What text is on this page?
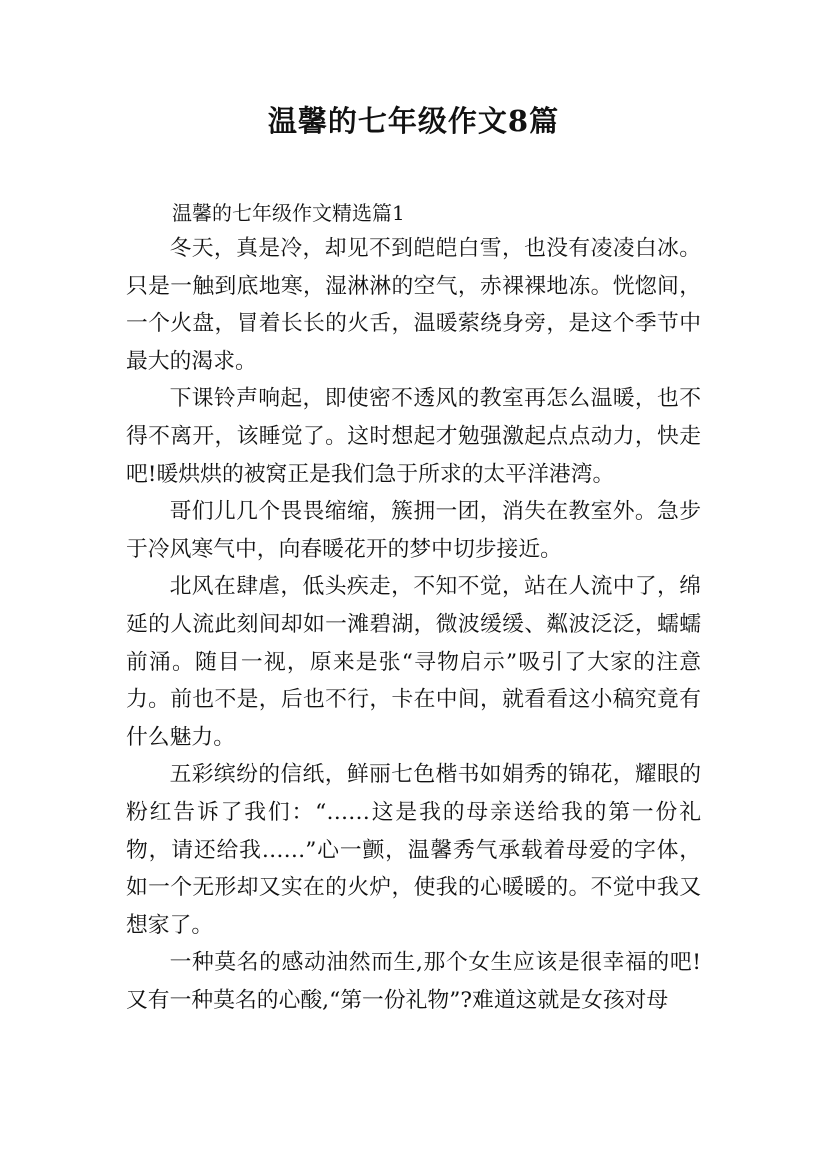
温馨的七年级作文8篇
温馨的七年级作文精选篇1

冬天，真是冷，却见不到皑皑白雪，也没有凌凌白冰。只是一触到底地寒，湿淋淋的空气，赤裸裸地冻。恍惚间，一个火盘，冒着长长的火舌，温暖萦绕身旁，是这个季节中最大的渴求。

下课铃声响起，即使密不透风的教室再怎么温暖，也不得不离开，该睡觉了。这时想起才勉强激起点点动力，快走吧!暖烘烘的被窝正是我们急于所求的太平洋港湾。

哥们儿几个畏畏缩缩，簇拥一团，消失在教室外。急步于冷风寒气中，向春暖花开的梦中切步接近。

北风在肆虐，低头疾走，不知不觉，站在人流中了，绵延的人流此刻间却如一滩碧湖，微波缓缓、粼波泛泛，蠕蠕前涌。随目一视，原来是张“寻物启示”吸引了大家的注意力。前也不是，后也不行，卡在中间，就看看这小稿究竟有什么魅力。

五彩缤纷的信纸，鲜丽七色楷书如娟秀的锦花，耀眼的粉红告诉了我们：“……这是我的母亲送给我的第一份礼物，请还给我……”心一颤，温馨秀气承载着母爱的字体，如一个无形却又实在的火炉，使我的心暖暖的。不觉中我又想家了。

一种莫名的感动油然而生,那个女生应该是很幸福的吧!又有一种莫名的心酸,“第一份礼物”?难道这就是女孩对母
